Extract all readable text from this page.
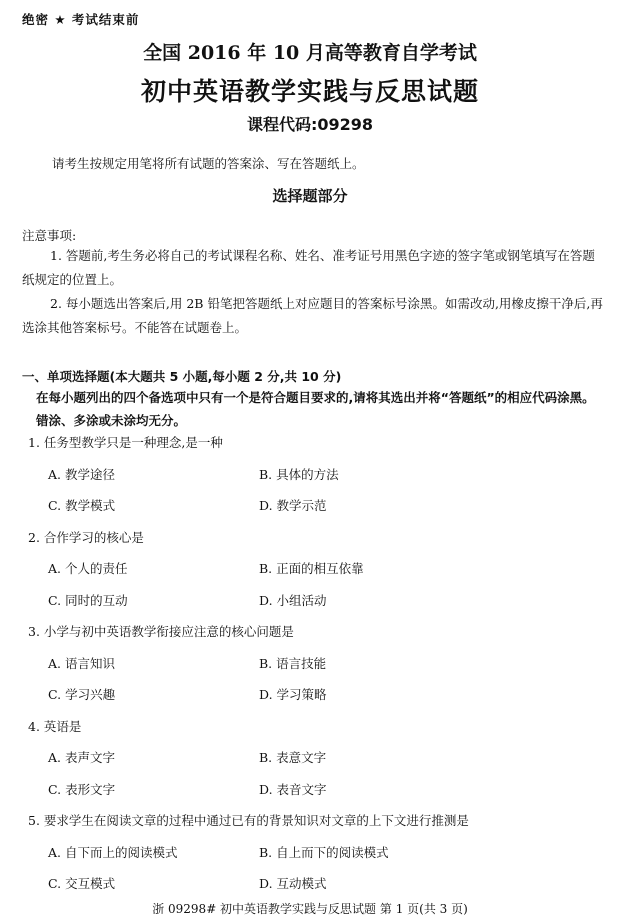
绝密 ★ 考试结束前
全国 2016 年 10 月高等教育自学考试
初中英语教学实践与反思试题
课程代码:09298
请考生按规定用笔将所有试题的答案涂、写在答题纸上。
选择题部分
注意事项:
1. 答题前,考生务必将自己的考试课程名称、姓名、准考证号用黑色字迹的签字笔或钢笔填写在答题纸规定的位置上。
2. 每小题选出答案后,用 2B 铅笔把答题纸上对应题目的答案标号涂黑。如需改动,用橡皮擦干净后,再选涂其他答案标号。不能答在试题卷上。
一、单项选择题(本大题共 5 小题,每小题 2 分,共 10 分)
在每小题列出的四个备选项中只有一个是符合题目要求的,请将其选出并将“答题纸”的相应代码涂黑。错涂、多涂或未涂均无分。
1. 任务型教学只是一种理念,是一种
A. 教学途径	B. 具体的方法
C. 教学模式	D. 教学示范
2. 合作学习的核心是
A. 个人的责任	B. 正面的相互依靠
C. 同时的互动	D. 小组活动
3. 小学与初中英语教学衔接应注意的核心问题是
A. 语言知识	B. 语言技能
C. 学习兴趣	D. 学习策略
4. 英语是
A. 表声文字	B. 表意文字
C. 表形文字	D. 表音文字
5. 要求学生在阅读文章的过程中通过已有的背景知识对文章的上下文进行推测是
A. 自下而上的阅读模式	B. 自上而下的阅读模式
C. 交互模式	D. 互动模式
浙 09298# 初中英语教学实践与反思试题 第 1 页(共 3 页)
